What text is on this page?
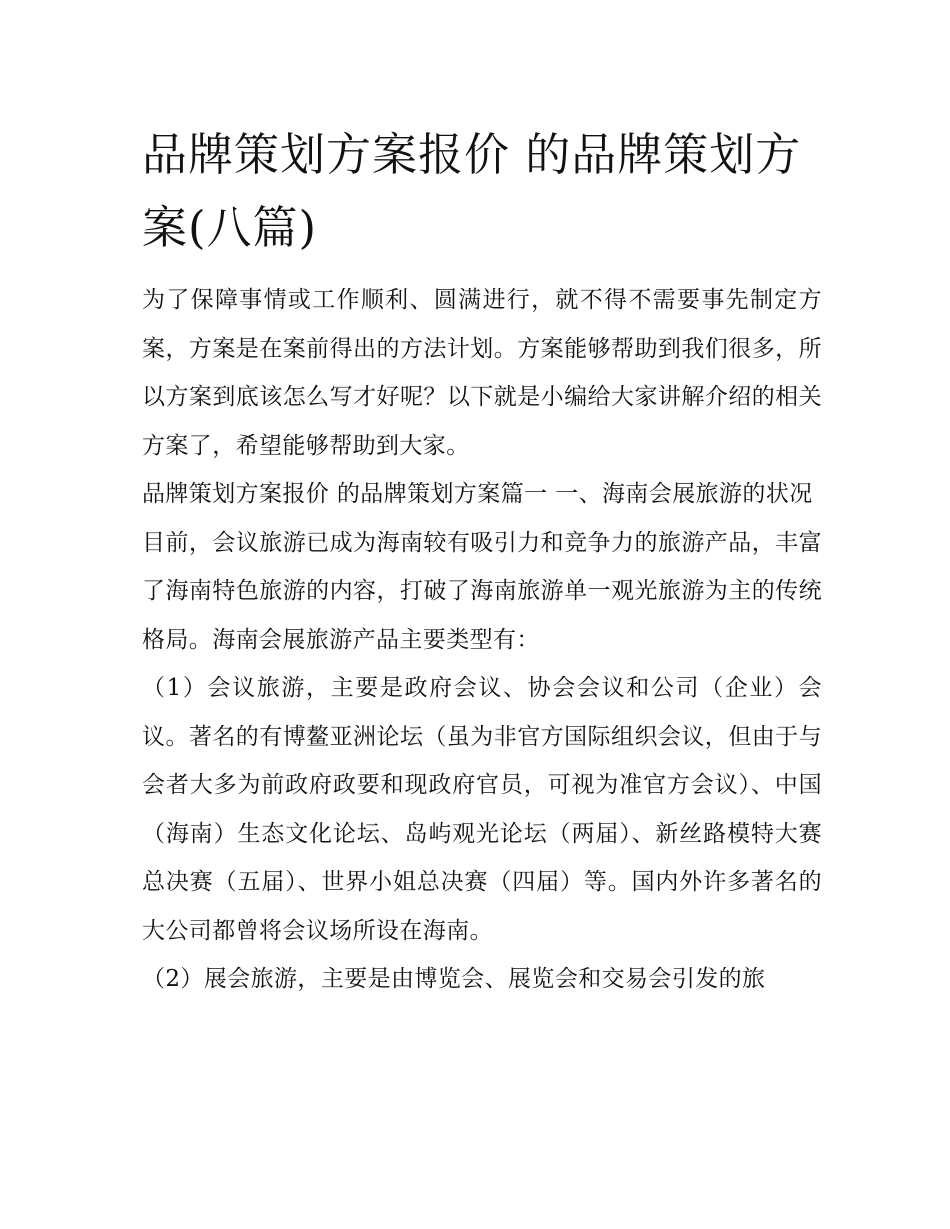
品牌策划方案报价 的品牌策划方案(八篇)

为了保障事情或工作顺利、圆满进行，就不得不需要事先制定方案，方案是在案前得出的方法计划。方案能够帮助到我们很多，所以方案到底该怎么写才好呢？以下就是小编给大家讲解介绍的相关方案了，希望能够帮助到大家。

品牌策划方案报价 的品牌策划方案篇一 一、海南会展旅游的状况

目前，会议旅游已成为海南较有吸引力和竞争力的旅游产品，丰富了海南特色旅游的内容，打破了海南旅游单一观光旅游为主的传统格局。海南会展旅游产品主要类型有：

（1）会议旅游，主要是政府会议、协会会议和公司（企业）会议。著名的有博鳌亚洲论坛（虽为非官方国际组织会议，但由于与会者大多为前政府政要和现政府官员，可视为准官方会议）、中国（海南）生态文化论坛、岛屿观光论坛（两届）、新丝路模特大赛总决赛（五届）、世界小姐总决赛（四届）等。国内外许多著名的大公司都曾将会议场所设在海南。

（2）展会旅游，主要是由博览会、展览会和交易会引发的旅
